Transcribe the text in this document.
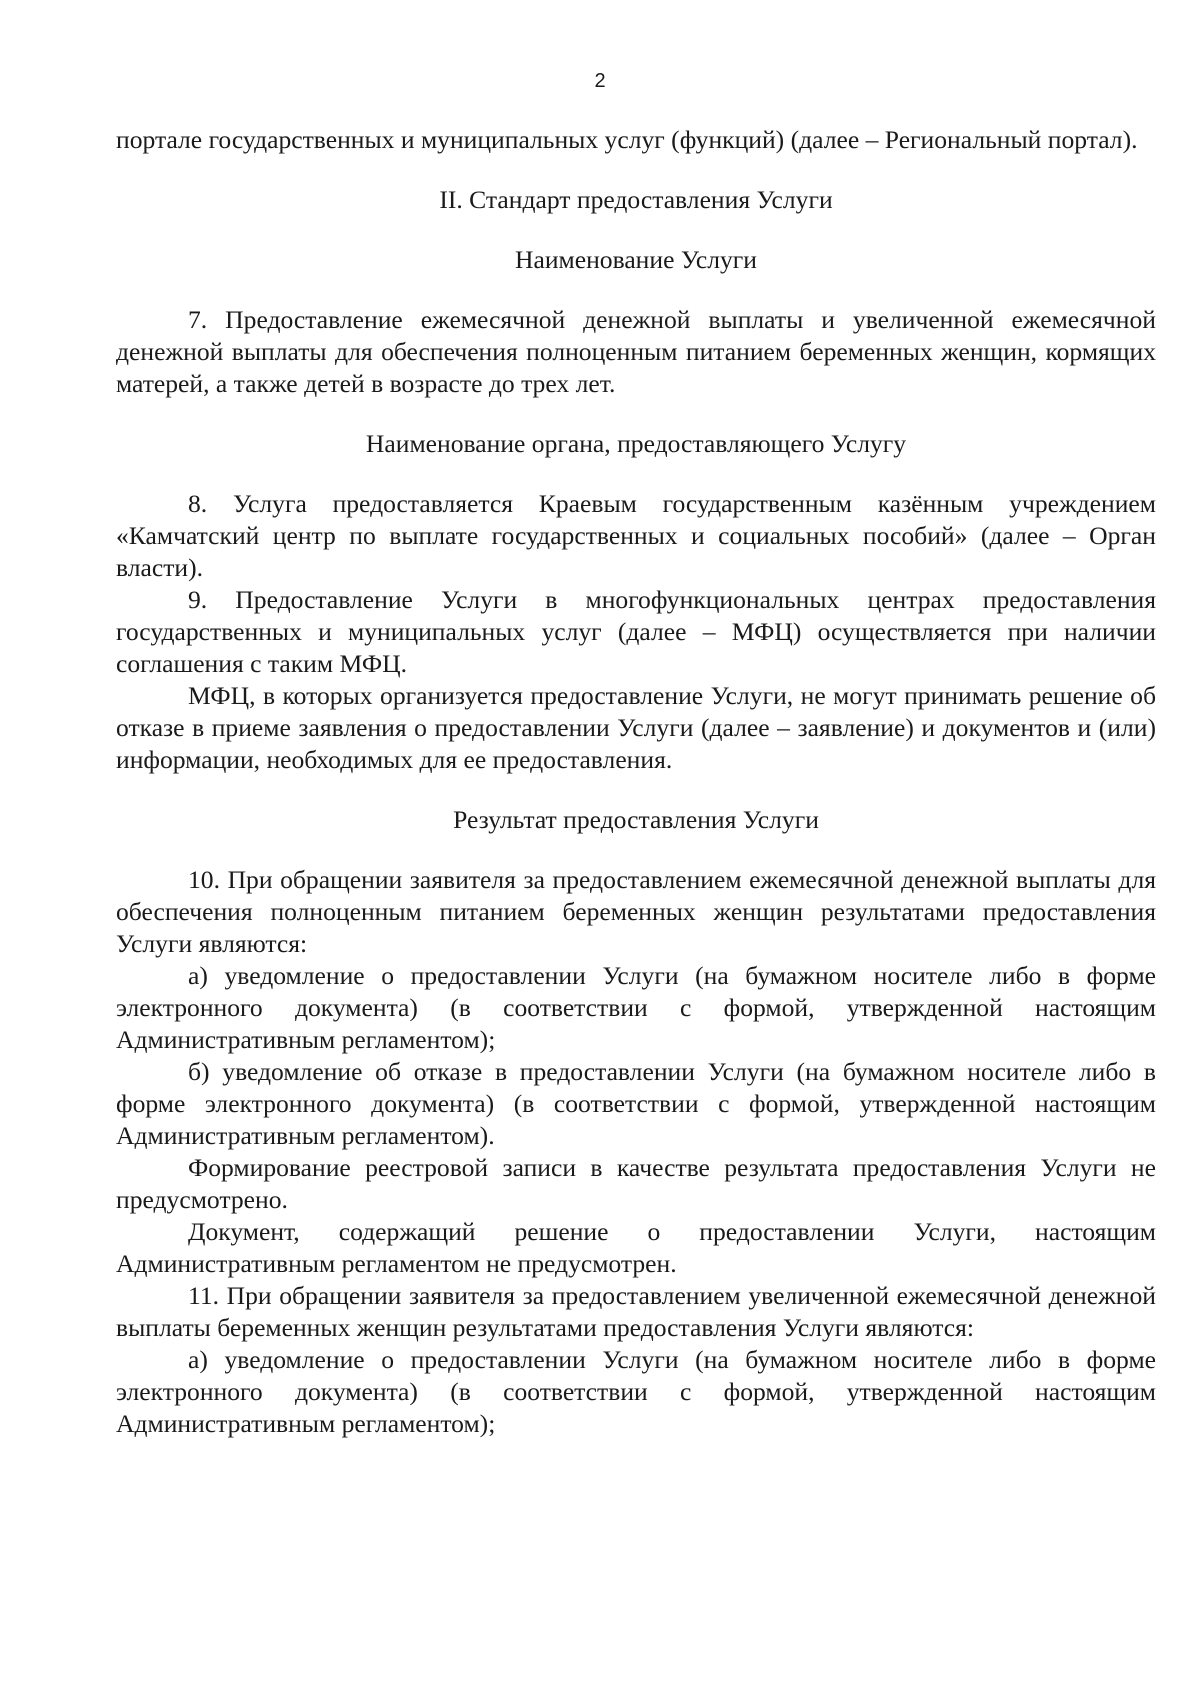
2

портале государственных и муниципальных услуг (функций) (далее – Региональный портал).

II. Стандарт предоставления Услуги

Наименование Услуги

7. Предоставление ежемесячной денежной выплаты и увеличенной ежемесячной денежной выплаты для обеспечения полноценным питанием беременных женщин, кормящих матерей, а также детей в возрасте до трех лет.

Наименование органа, предоставляющего Услугу

8. Услуга предоставляется Краевым государственным казённым учреждением «Камчатский центр по выплате государственных и социальных пособий» (далее – Орган власти).

9. Предоставление Услуги в многофункциональных центрах предоставления государственных и муниципальных услуг (далее – МФЦ) осуществляется при наличии соглашения с таким МФЦ.

МФЦ, в которых организуется предоставление Услуги, не могут принимать решение об отказе в приеме заявления о предоставлении Услуги (далее – заявление) и документов и (или) информации, необходимых для ее предоставления.

Результат предоставления Услуги

10. При обращении заявителя за предоставлением ежемесячной денежной выплаты для обеспечения полноценным питанием беременных женщин результатами предоставления Услуги являются:

а) уведомление о предоставлении Услуги (на бумажном носителе либо в форме электронного документа) (в соответствии с формой, утвержденной настоящим Административным регламентом);

б) уведомление об отказе в предоставлении Услуги (на бумажном носителе либо в форме электронного документа) (в соответствии с формой, утвержденной настоящим Административным регламентом).

Формирование реестровой записи в качестве результата предоставления Услуги не предусмотрено.

Документ, содержащий решение о предоставлении Услуги, настоящим Административным регламентом не предусмотрен.

11. При обращении заявителя за предоставлением увеличенной ежемесячной денежной выплаты беременных женщин результатами предоставления Услуги являются:

а) уведомление о предоставлении Услуги (на бумажном носителе либо в форме электронного документа) (в соответствии с формой, утвержденной настоящим Административным регламентом);
